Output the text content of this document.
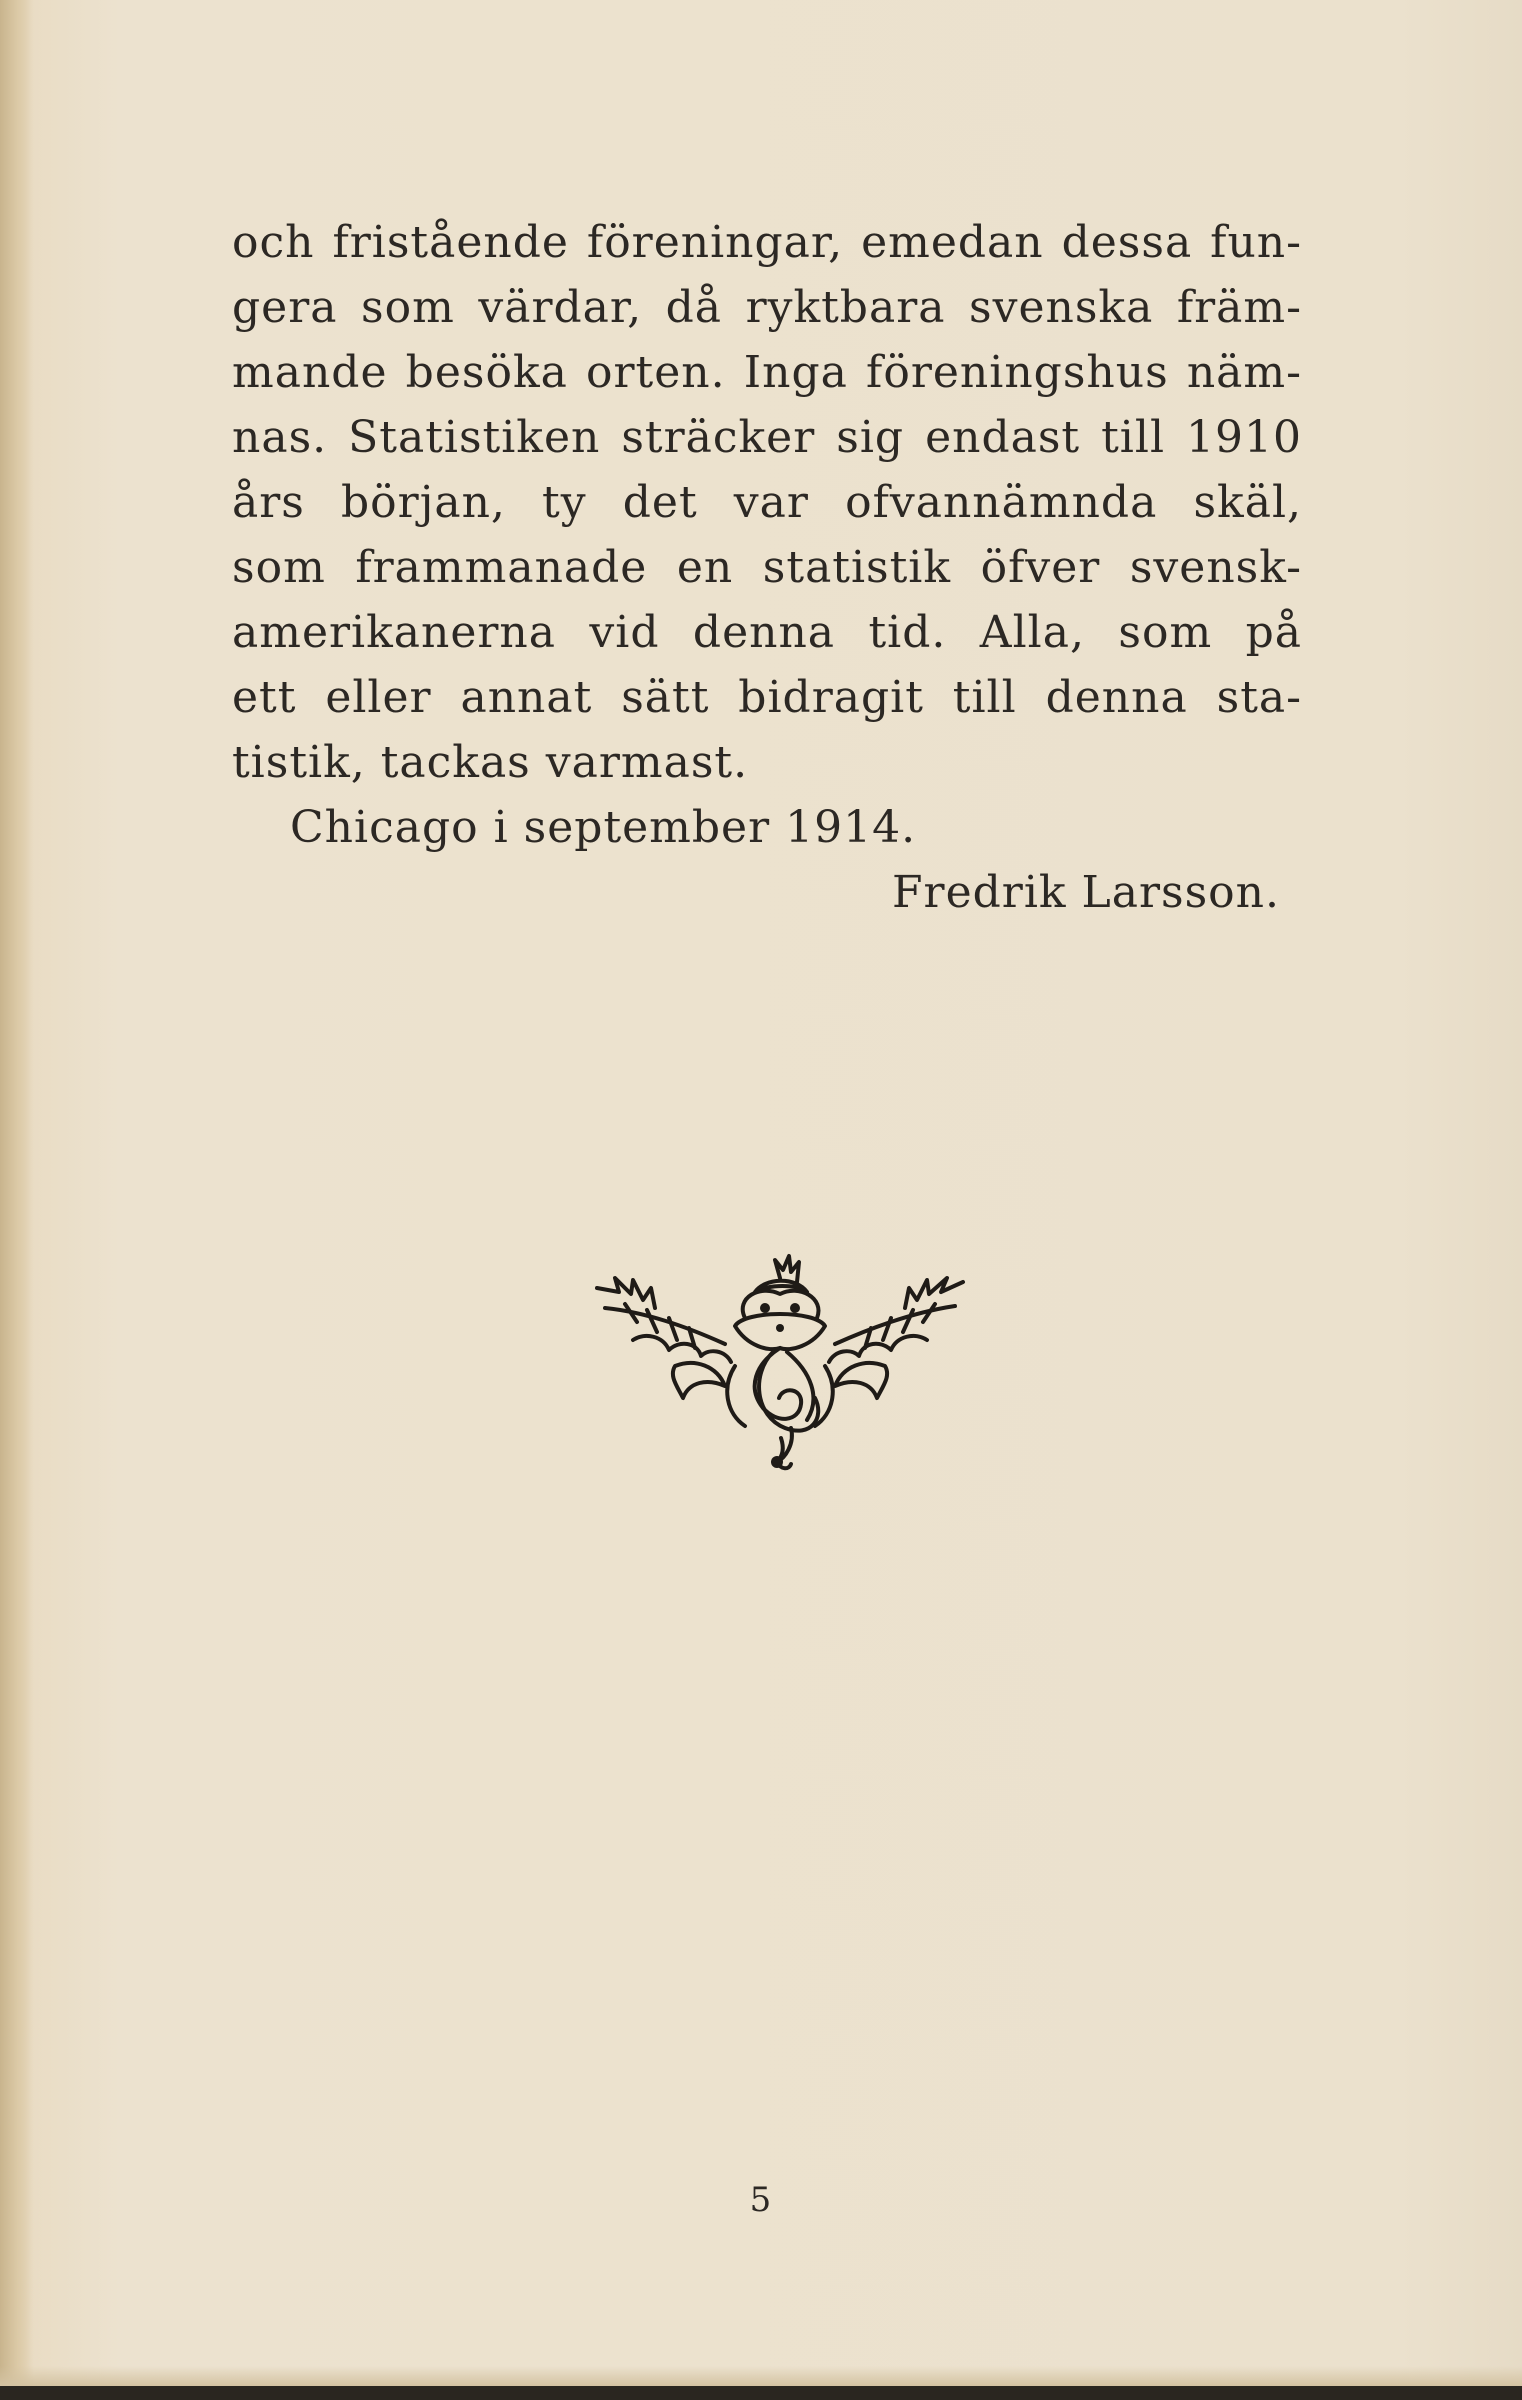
och fristående föreningar, emedan dessa fun-
gera som värdar, då ryktbara svenska främ-
mande besöka orten. Inga föreningshus näm-
nas. Statistiken sträcker sig endast till 1910
års början, ty det var ofvannämnda skäl,
som frammanade en statistik öfver svensk-
amerikanerna vid denna tid. Alla, som på
ett eller annat sätt bidragit till denna sta-
tistik, tackas varmast.
Chicago i september 1914.
Fredrik Larsson.
5
